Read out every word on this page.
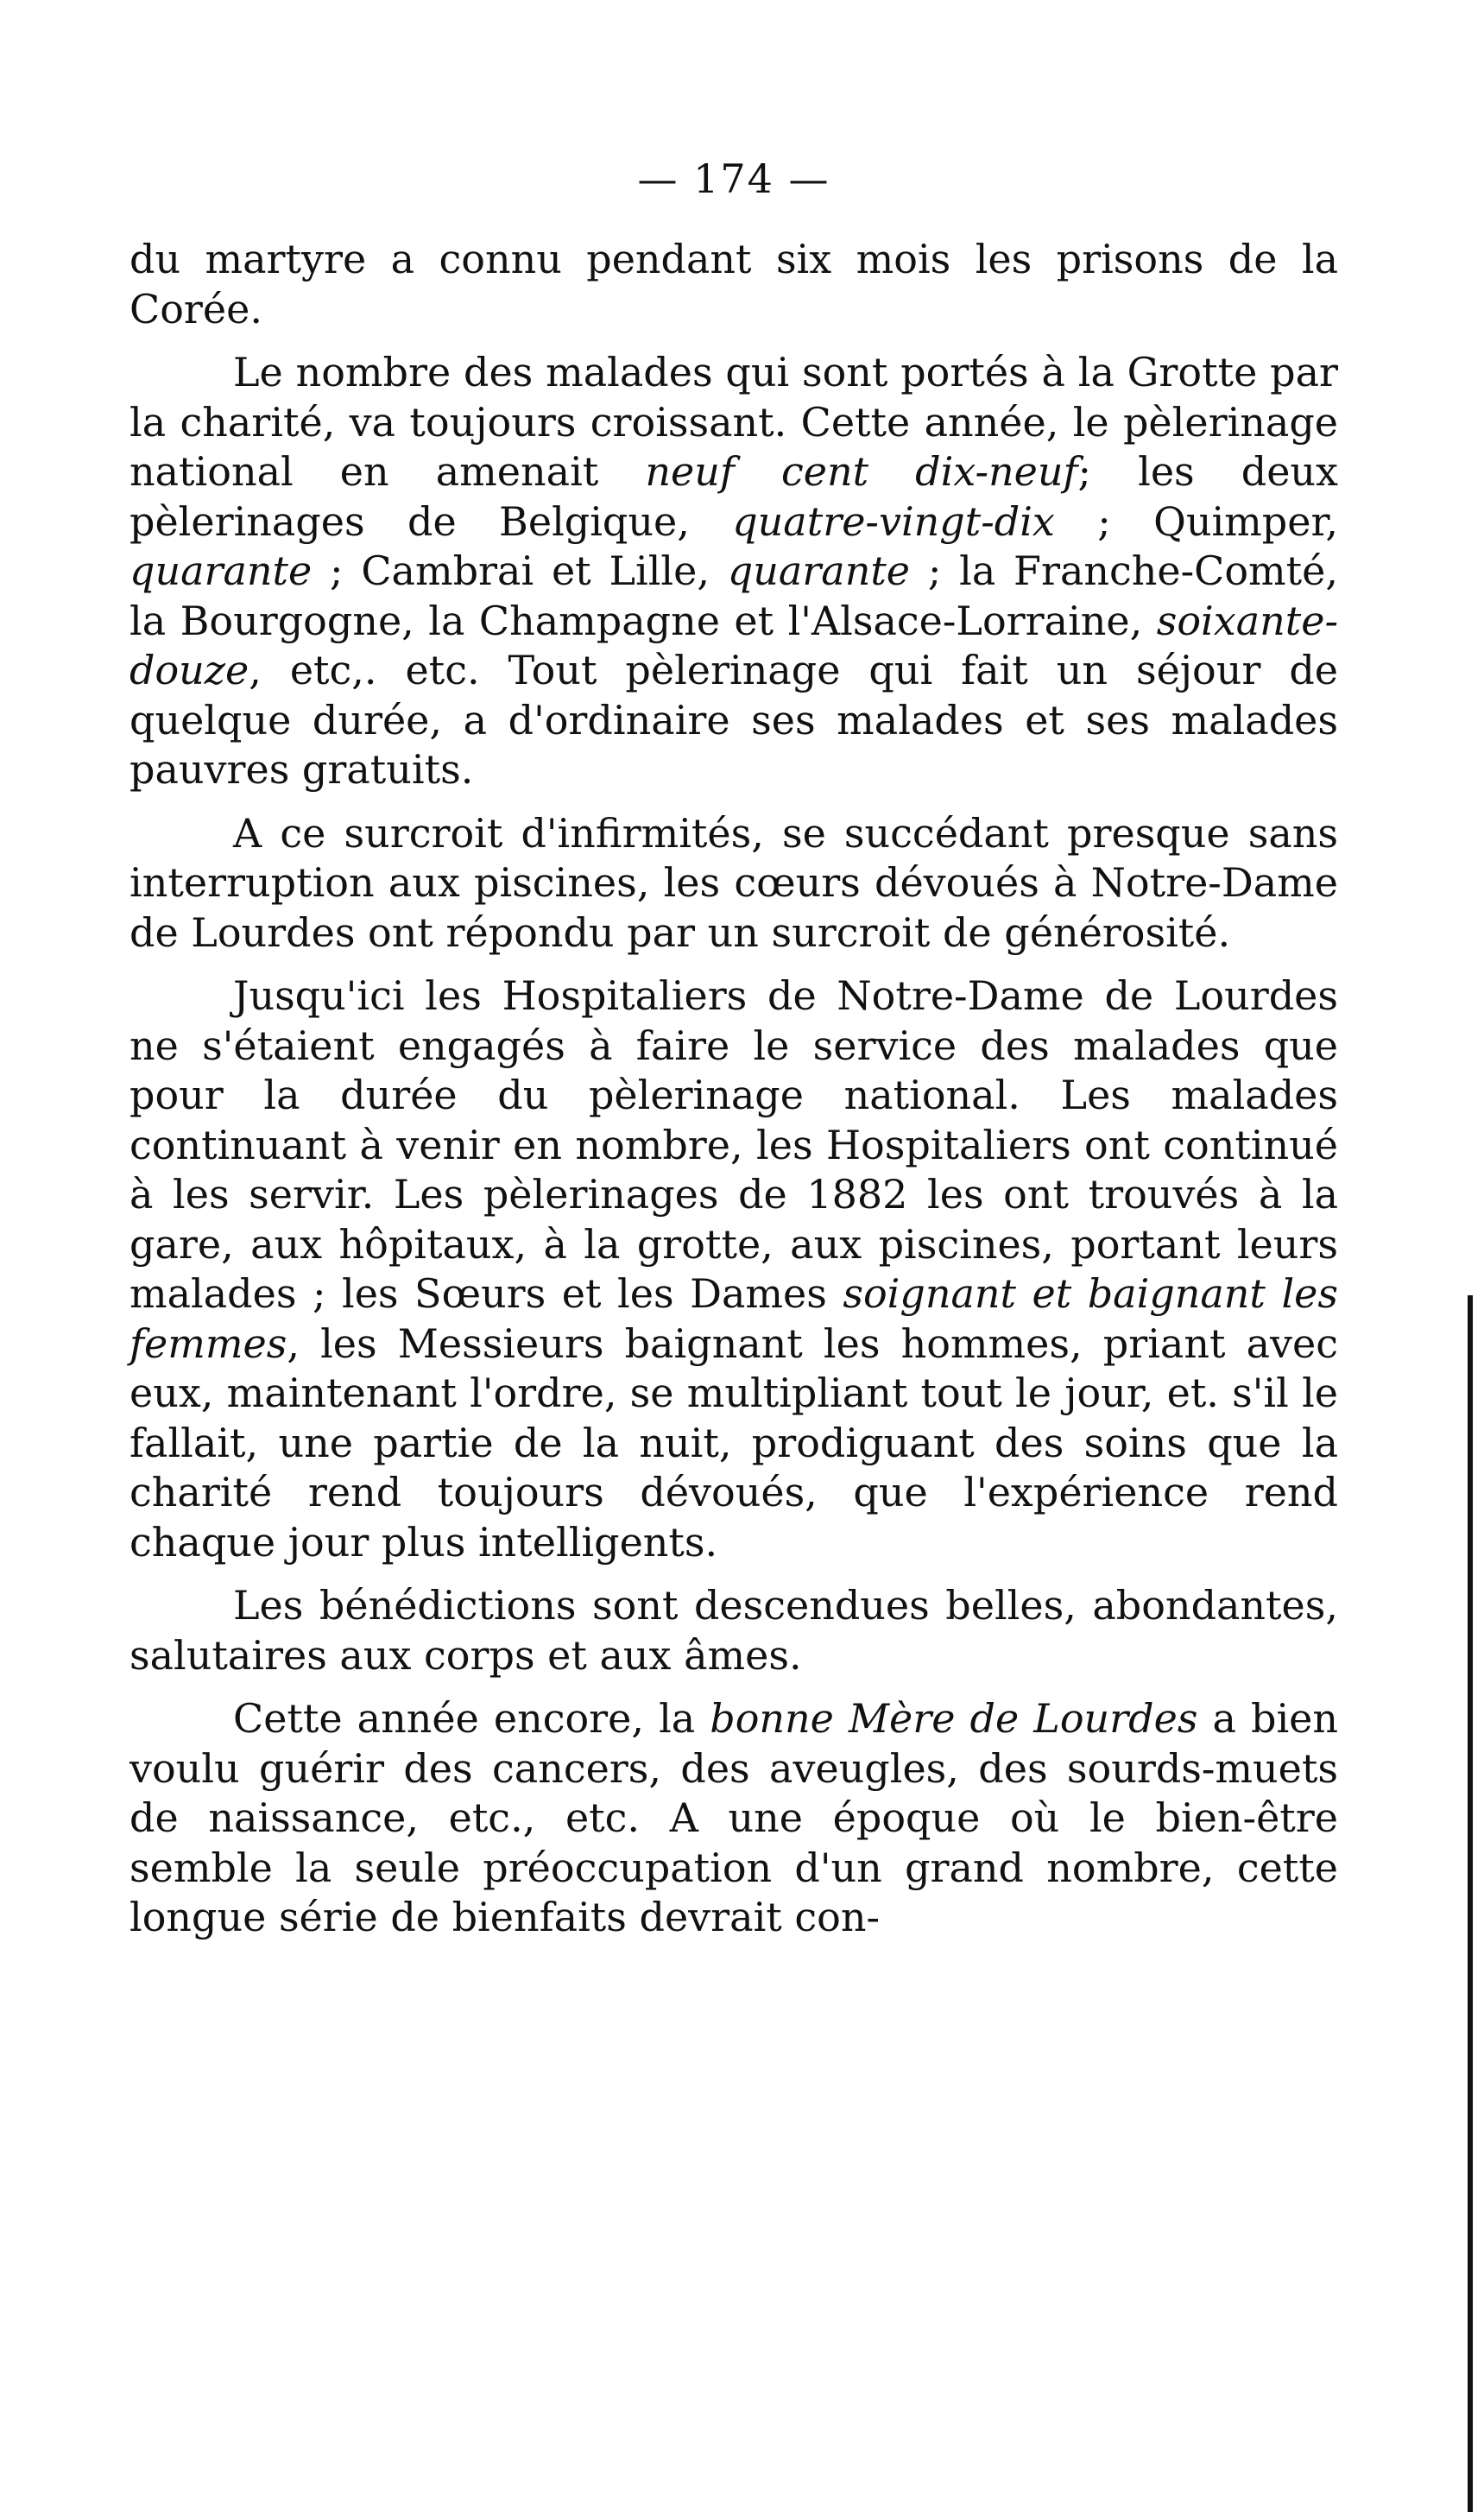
— 174 —

du martyre a connu pendant six mois les prisons de la Corée.

Le nombre des malades qui sont portés à la Grotte par la charité, va toujours croissant. Cette année, le pèlerinage national en amenait neuf cent dix-neuf; les deux pèlerinages de Belgique, quatre-vingt-dix ; Quimper, quarante ; Cambrai et Lille, quarante ; la Franche-Comté, la Bourgogne, la Champagne et l'Alsace-Lorraine, soixante-douze, etc,. etc. Tout pèlerinage qui fait un séjour de quelque durée, a d'ordinaire ses malades et ses malades pauvres gratuits.

A ce surcroit d'infirmités, se succédant presque sans interruption aux piscines, les cœurs dévoués à Notre-Dame de Lourdes ont répondu par un surcroit de générosité.

Jusqu'ici les Hospitaliers de Notre-Dame de Lourdes ne s'étaient engagés à faire le service des malades que pour la durée du pèlerinage national. Les malades continuant à venir en nombre, les Hospitaliers ont continué à les servir. Les pèlerinages de 1882 les ont trouvés à la gare, aux hôpitaux, à la grotte, aux piscines, portant leurs malades ; les Sœurs et les Dames soignant et baignant les femmes, les Messieurs baignant les hommes, priant avec eux, maintenant l'ordre, se multipliant tout le jour, et. s'il le fallait, une partie de la nuit, prodiguant des soins que la charité rend toujours dévoués, que l'expérience rend chaque jour plus intelligents.

Les bénédictions sont descendues belles, abondantes, salutaires aux corps et aux âmes.

Cette année encore, la bonne Mère de Lourdes a bien voulu guérir des cancers, des aveugles, des sourds-muets de naissance, etc., etc. A une époque où le bien-être semble la seule préoccupation d'un grand nombre, cette longue série de bienfaits devrait con-
